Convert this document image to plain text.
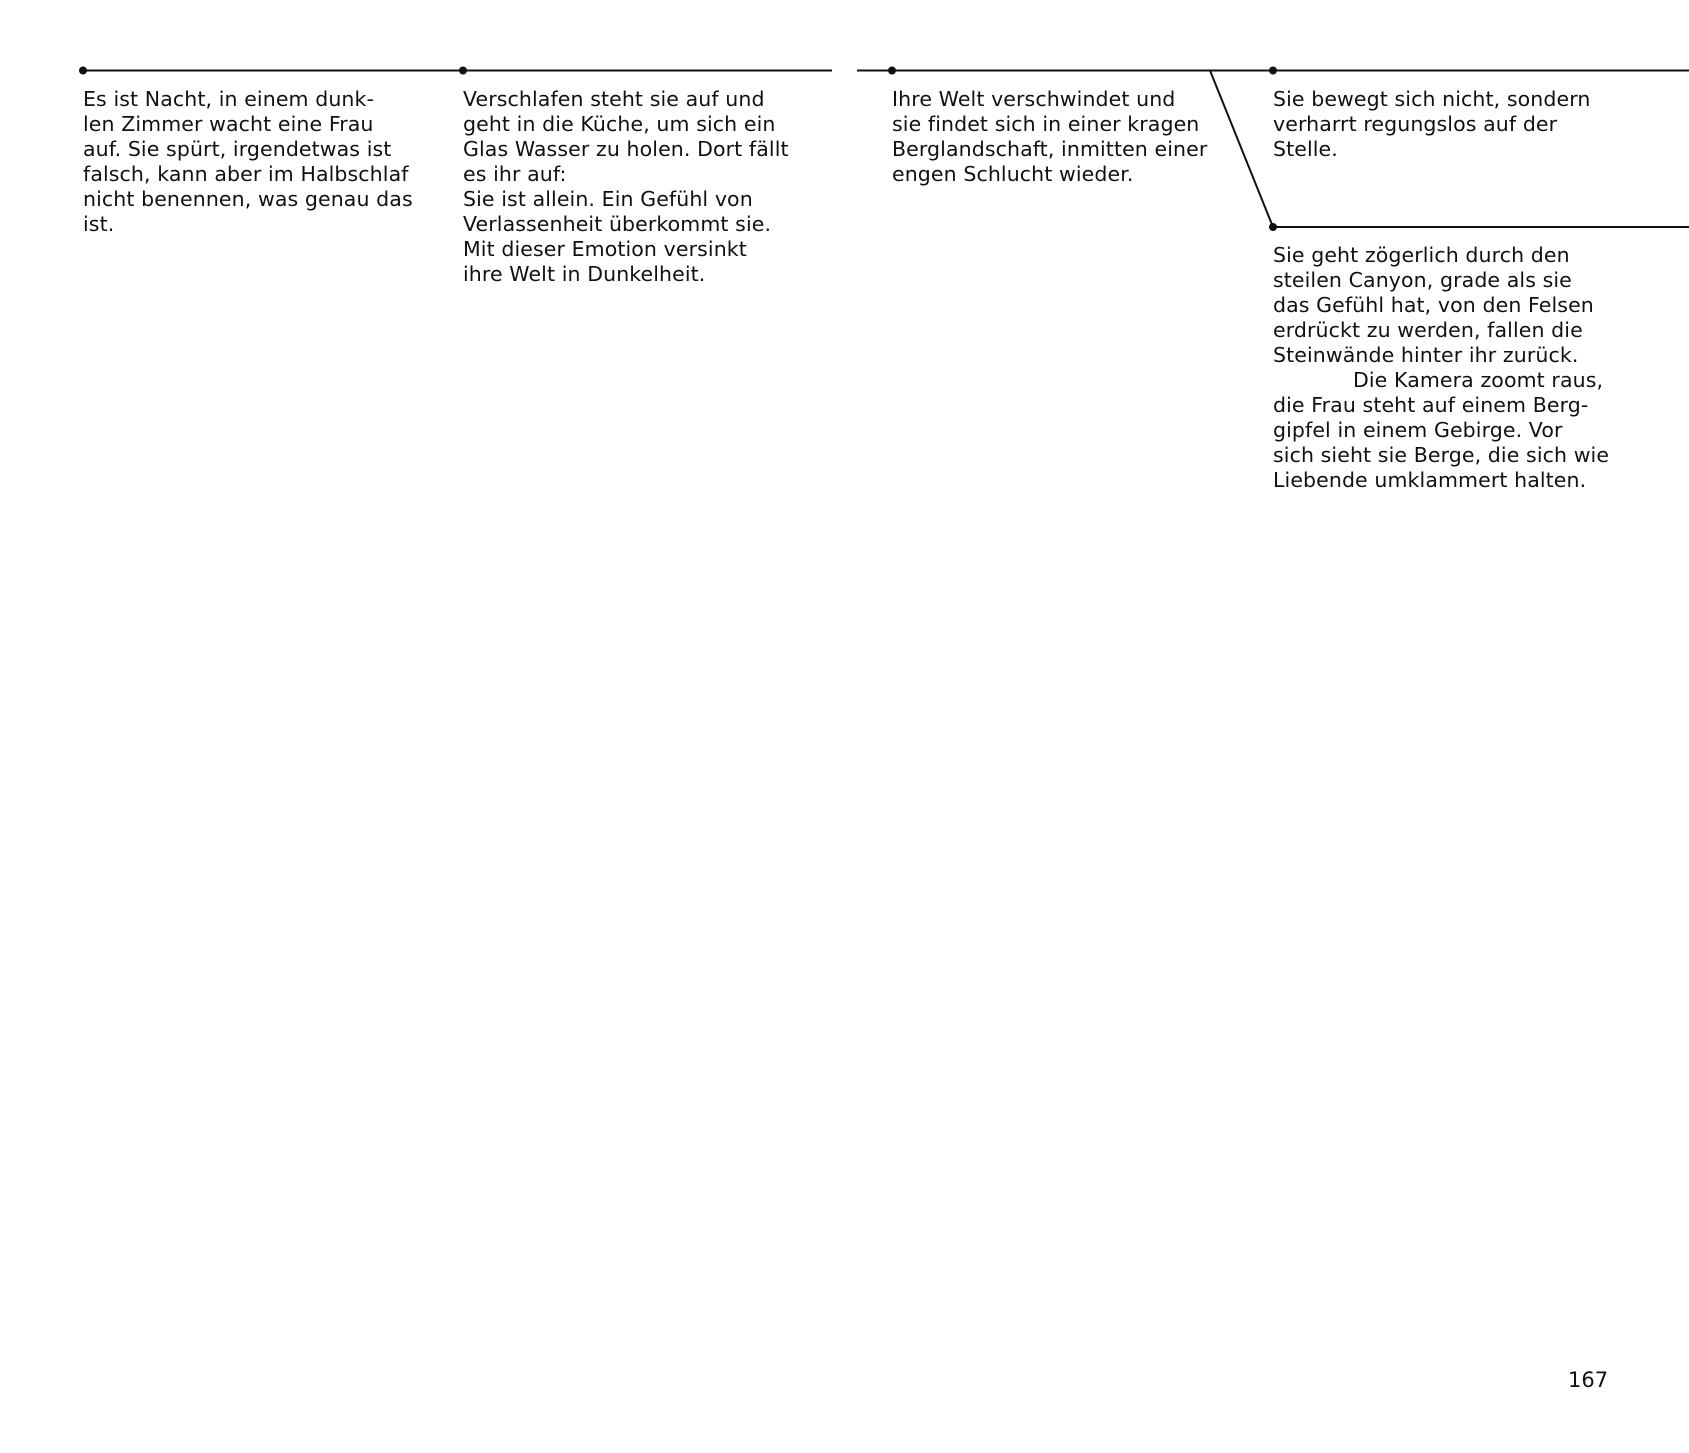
Es ist Nacht, in einem dunk-
len Zimmer wacht eine Frau
auf. Sie spürt, irgendetwas ist
falsch, kann aber im Halbschlaf
nicht benennen, was genau das
ist.
Verschlafen steht sie auf und
geht in die Küche, um sich ein
Glas Wasser zu holen. Dort fällt
es ihr auf:
Sie ist allein. Ein Gefühl von
Verlassenheit überkommt sie.
Mit dieser Emotion versinkt
ihre Welt in Dunkelheit.
Ihre Welt verschwindet und
sie findet sich in einer kragen
Berglandschaft, inmitten einer
engen Schlucht wieder.
Sie bewegt sich nicht, sondern
verharrt regungslos auf der
Stelle.
Sie geht zögerlich durch den
steilen Canyon, grade als sie
das Gefühl hat, von den Felsen
erdrückt zu werden, fallen die
Steinwände hinter ihr zurück.
Die Kamera zoomt raus,
die Frau steht auf einem Berg-
gipfel in einem Gebirge. Vor
sich sieht sie Berge, die sich wie
Liebende umklammert halten.
167
